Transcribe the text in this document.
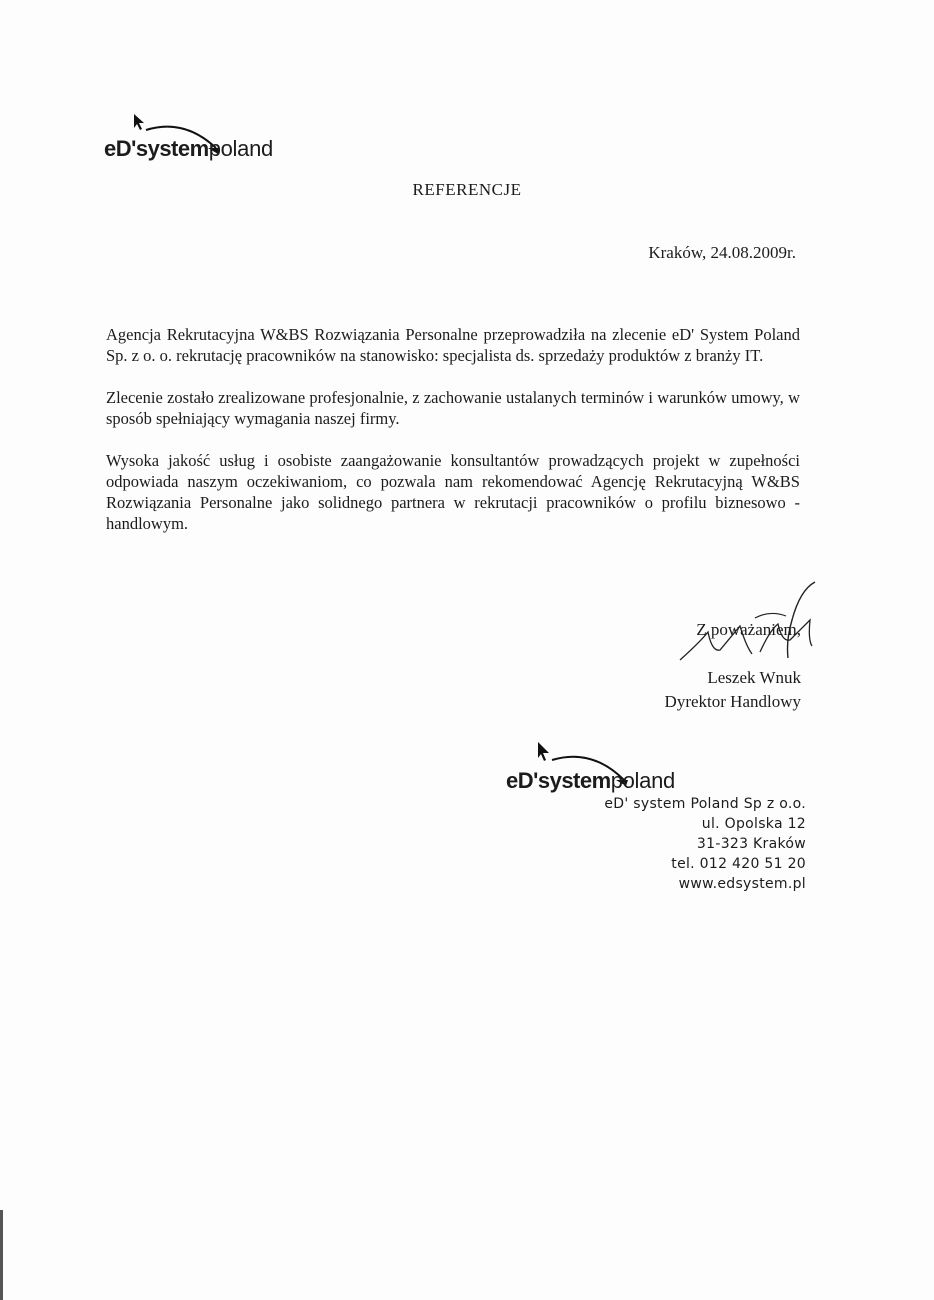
eD'systempoland
REFERENCJE
Kraków, 24.08.2009r.

Agencja Rekrutacyjna W&BS Rozwiązania Personalne przeprowadziła na zlecenie eD' System Poland Sp. z o. o. rekrutację pracowników na stanowisko: specjalista ds. sprzedaży produktów z branży IT.

Zlecenie zostało zrealizowane profesjonalnie, z zachowanie ustalanych terminów i warunków umowy, w sposób spełniający wymagania naszej firmy.

Wysoka jakość usług i osobiste zaangażowanie konsultantów prowadzących projekt w zupełności odpowiada naszym oczekiwaniom, co pozwala nam rekomendować Agencję Rekrutacyjną W&BS Rozwiązania Personalne jako solidnego partnera w rekrutacji pracowników o profilu biznesowo - handlowym.

Z poważaniem,
Leszek Wnuk
Dyrektor Handlowy
eD'systempoland
eD' system Poland Sp z o.o.
ul. Opolska 12
31-323 Kraków
tel. 012 420 51 20
www.edsystem.pl
